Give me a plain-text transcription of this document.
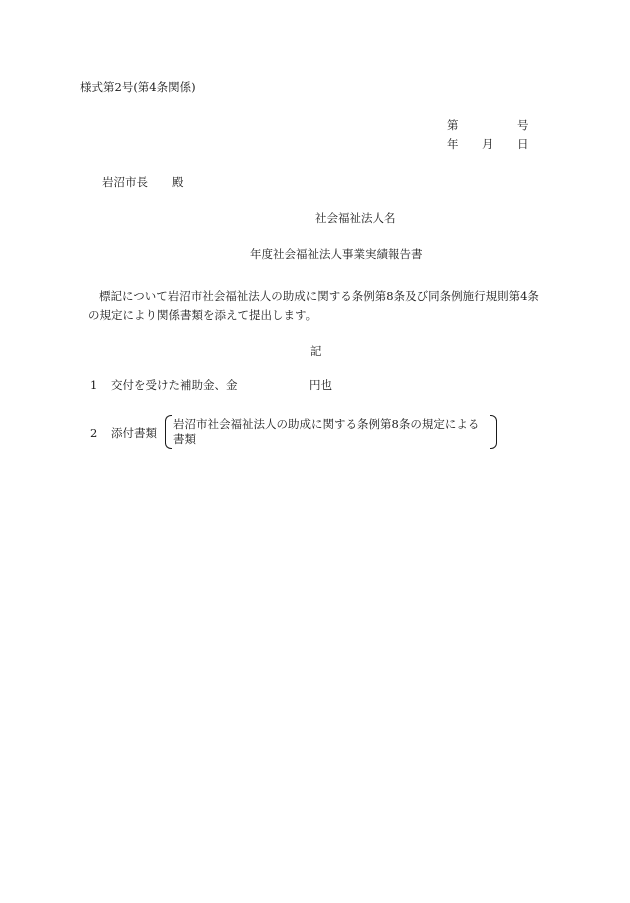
様式第2号(第4条関係)
第	号
年 月 日
岩沼市長 殿
社会福祉法人名
年度社会福祉法人事業実績報告書
標記について岩沼市社会福祉法人の助成に関する条例第8条及び同条例施行規則第4条
の規定により関係書類を添えて提出します。
記
1 交付を受けた補助金、金	円也
2 添付書類
岩沼市社会福祉法人の助成に関する条例第8条の規定による
書類
